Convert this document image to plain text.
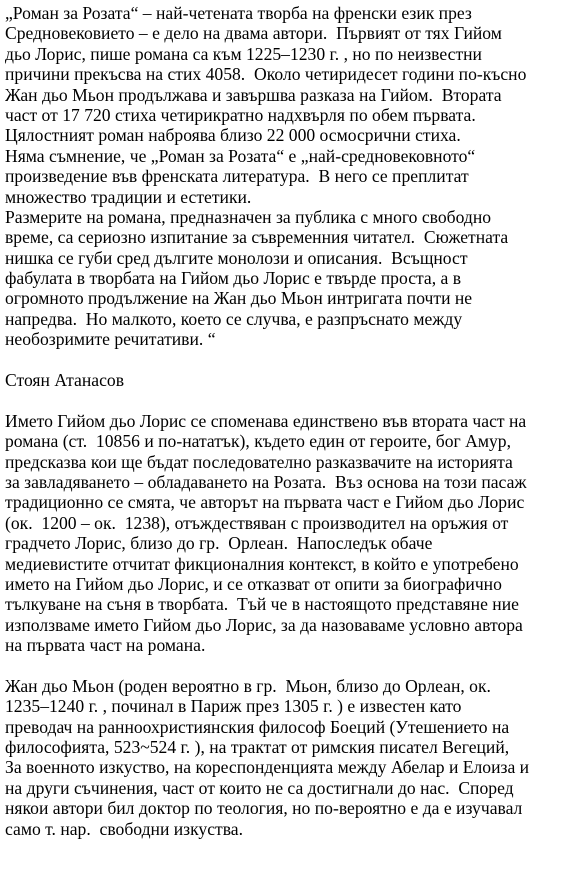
„Роман за Розата“ – най-четената творба на френски език през
Средновековието – е дело на двама автори.  Първият от тях Гийом
дьо Лорис, пише романа са към 1225–1230 г. , но по неизвестни
причини прекъсва на стих 4058.  Около четиридесет години по-късно
Жан дьо Мьон продължава и завършва разказа на Гийом.  Втората
част от 17 720 стиха четирикратно надхвърля по обем първата.
Цялостният роман наброява близо 22 000 осмосрични стиха.
Няма съмнение, че „Роман за Розата“ е „най-средновековното“
произведение във френската литература.  В него се преплитат
множество традиции и естетики.
Размерите на романа, предназначен за публика с много свободно
време, са сериозно изпитание за съвременния читател.  Сюжетната
нишка се губи сред дългите монолози и описания.  Всъщност
фабулата в творбата на Гийом дьо Лорис е твърде проста, а в
огромното продължение на Жан дьо Мьон интригата почти не
напредва.  Но малкото, което се случва, е разпръснато между
необозримите речитативи. “
Стоян Атанасов
Името Гийом дьо Лорис се споменава единствено във втората част на
романа (ст.  10856 и по-нататък), където един от героите, бог Амур,
предсказва кои ще бъдат последователно разказвачите на историята
за завладяването – обладаването на Розата.  Въз основа на този пасаж
традиционно се смята, че авторът на първата част е Гийом дьо Лорис
(ок.  1200 – ок.  1238), отъждествяван с производител на оръжия от
градчето Лорис, близо до гр.  Орлеан.  Напоследък обаче
медиевистите отчитат фикционалния контекст, в който е употребено
името на Гийом дьо Лорис, и се отказват от опити за биографично
тълкуване на съня в творбата.  Тъй че в настоящото представяне ние
използваме името Гийом дьо Лорис, за да назоваваме условно автора
на първата част на романа.
Жан дьо Мьон (роден вероятно в гр.  Мьон, близо до Орлеан, ок.
1235–1240 г. , починал в Париж през 1305 г. ) е известен като
преводач на ранноохристиянския философ Боеций (Утешението на
философията, 523~524 г. ), на трактат от римския писател Вегеций,
За военното изкуство, на кореспонденцията между Абелар и Елоиза и
на други съчинения, част от които не са достигнали до нас.  Според
някои автори бил доктор по теология, но по-вероятно е да е изучавал
само т. нар.  свободни изкуства.
